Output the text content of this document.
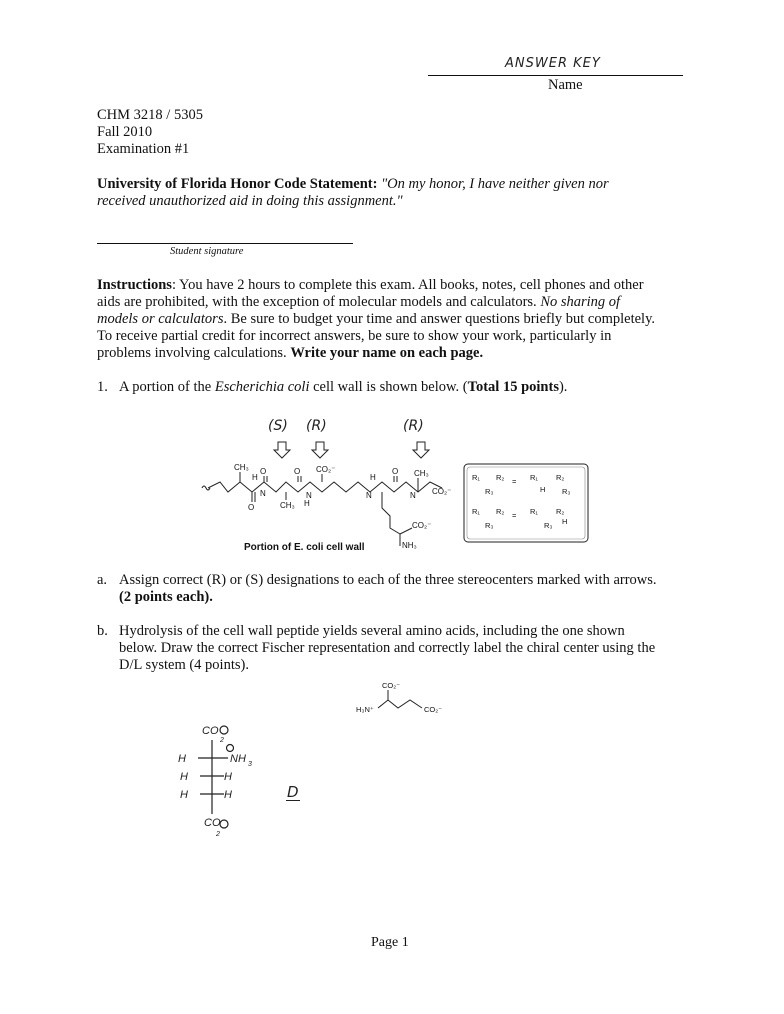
ANSWER KEY
Name
CHM 3218 / 5305
Fall 2010
Examination #1
University of Florida Honor Code Statement: "On my honor, I have neither given nor
received unauthorized aid in doing this assignment."
Student signature
Instructions: You have 2 hours to complete this exam. All books, notes, cell phones and other
aids are prohibited, with the exception of molecular models and calculators. No sharing of
models or calculators. Be sure to budget your time and answer questions briefly but completely.
To receive partial credit for incorrect answers, be sure to show your work, particularly in
problems involving calculations. Write your name on each page.
1. A portion of the Escherichia coli cell wall is shown below. (Total 15 points).
(S) (R)	(R)
CH₃
H
O
O
N
CH₃
O
N
H
CO₂⁻
H
O
N	N
CH₃
CO₂⁻
CO₂⁻
NH₃
R₁ R₂
R₃
= R₁ R₂
H R₃
R₁ R₂
R₃
= R₁ R₂
R₃ H
Portion of E. coli cell wall
a. Assign correct (R) or (S) designations to each of the three stereocenters marked with arrows.
(2 points each).
b. Hydrolysis of the cell wall peptide yields several amino acids, including the one shown
below. Draw the correct Fischer representation and correctly label the chiral center using the
D/L system (4 points).
CO₂⁻
H₃N⁺	CO₂⁻
CO
2
H	NH 3
H	H
H	H
CO
2
D
Page 1
